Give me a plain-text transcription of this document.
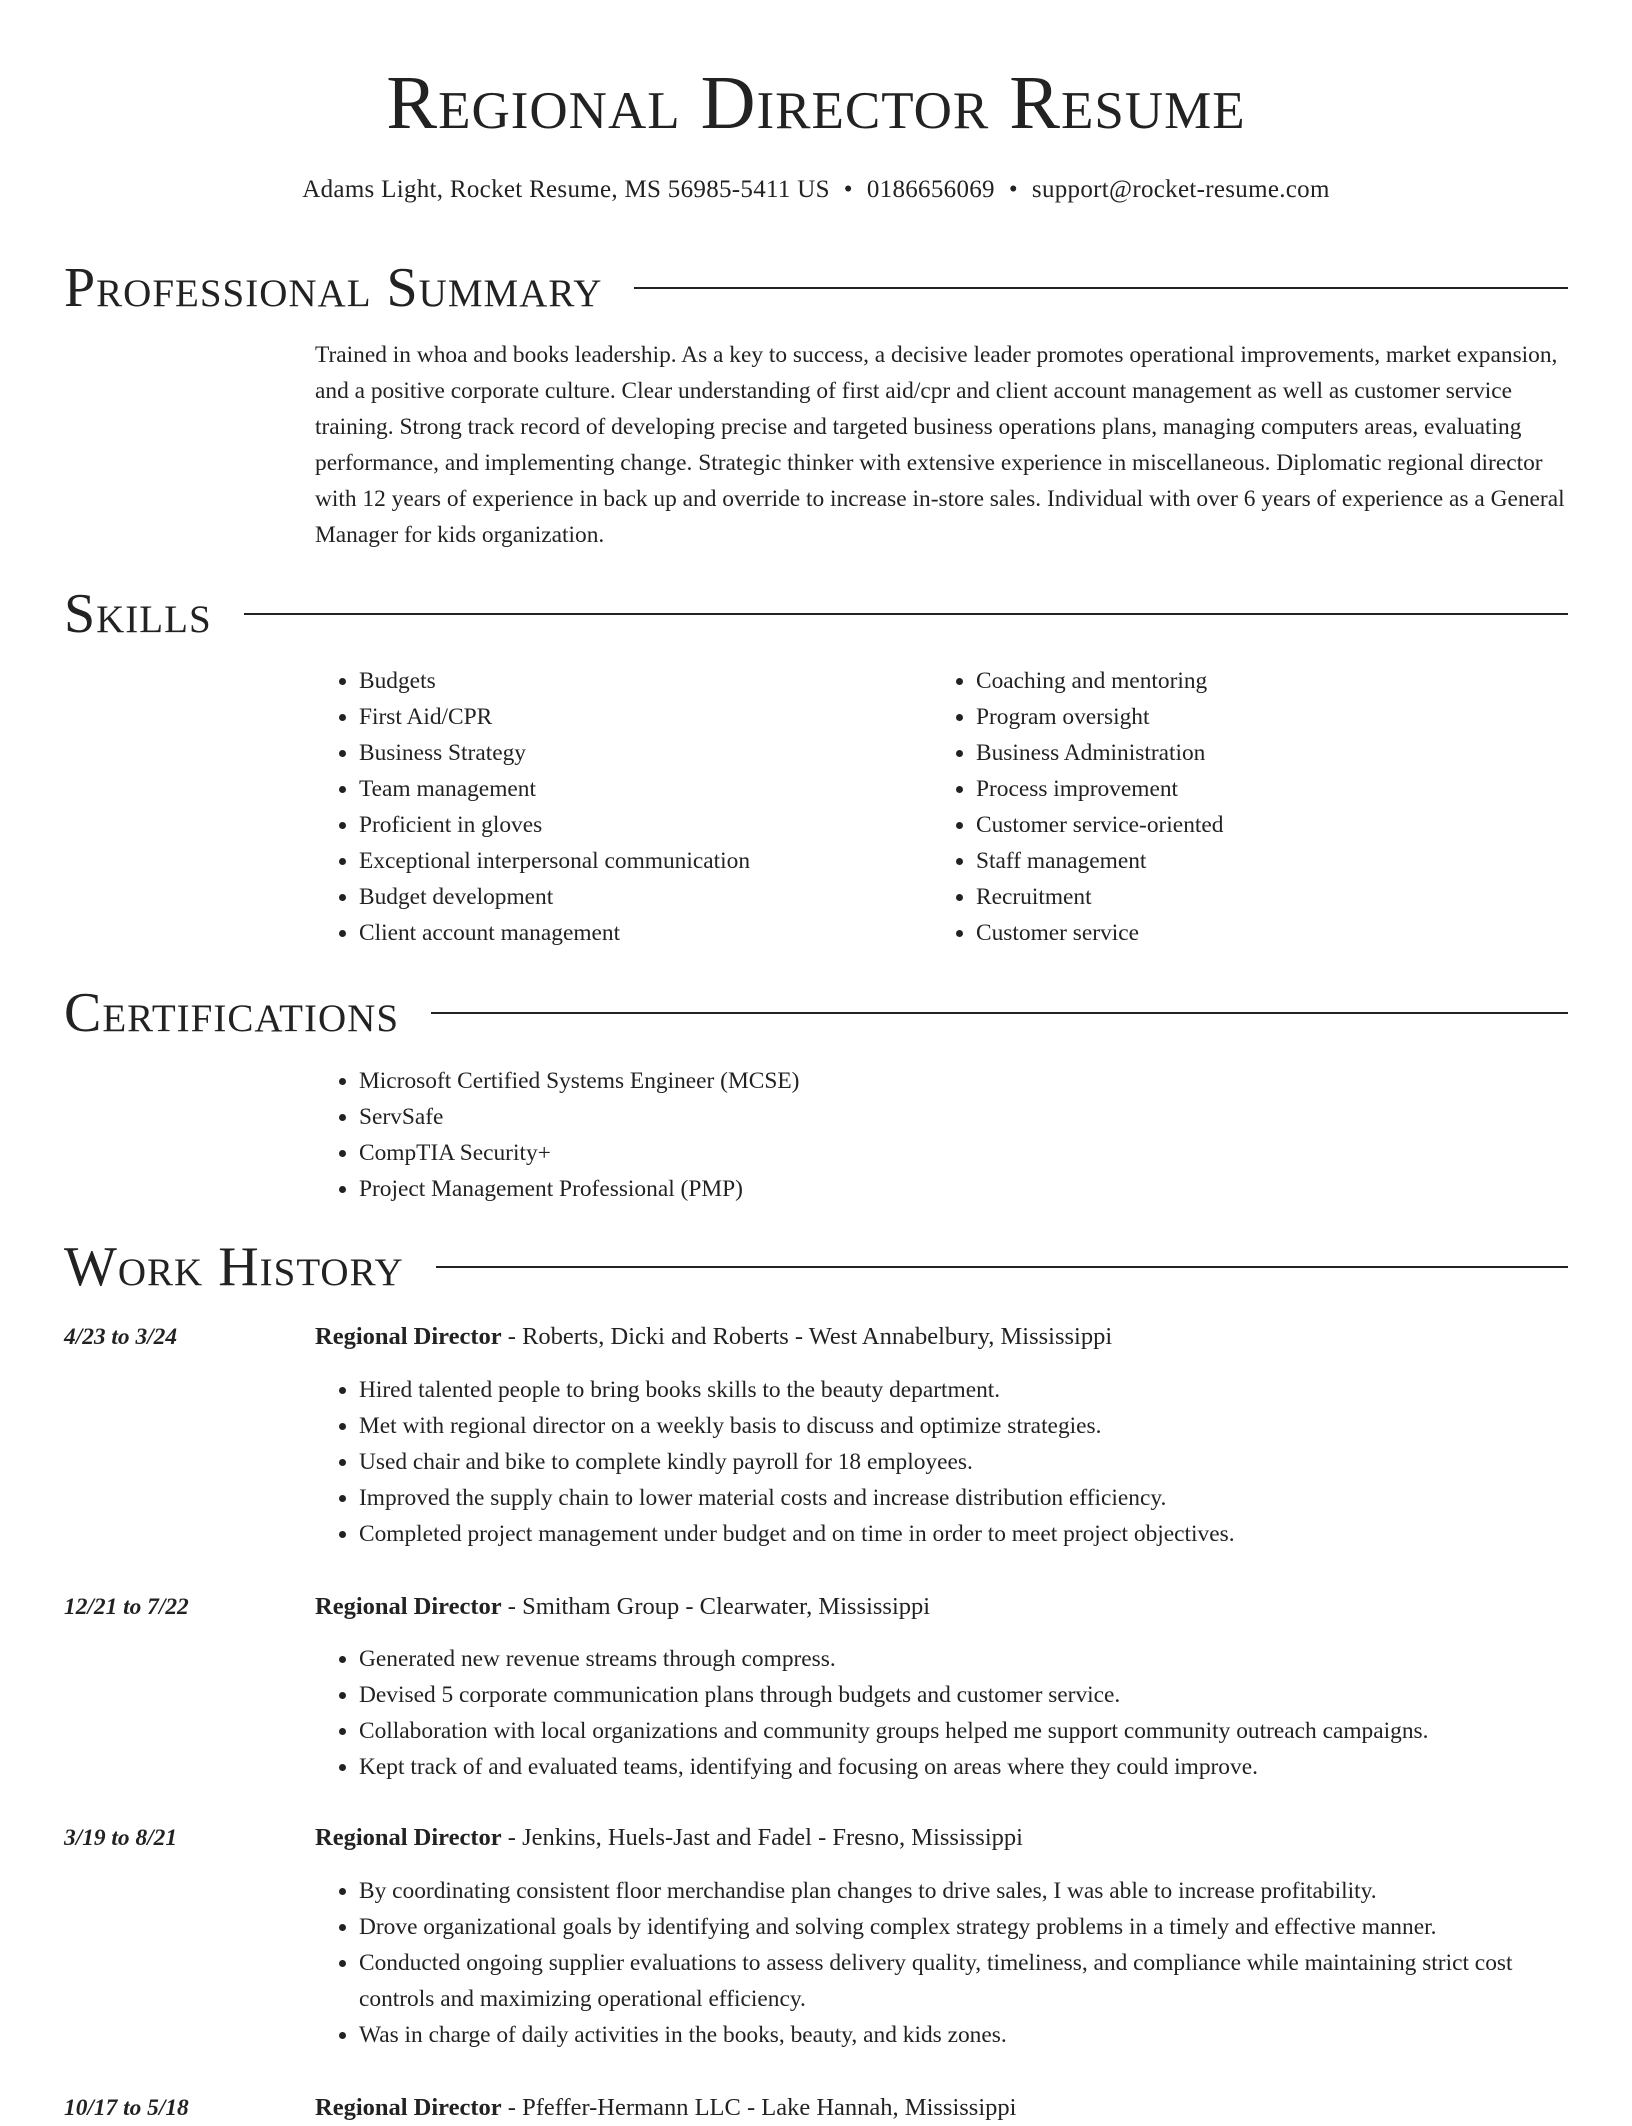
Regional Director Resume
Adams Light, Rocket Resume, MS 56985-5411 US • 0186656069 • support@rocket-resume.com
Professional Summary

Trained in whoa and books leadership. As a key to success, a decisive leader promotes operational improvements, market expansion, and a positive corporate culture. Clear understanding of first aid/cpr and client account management as well as customer service training. Strong track record of developing precise and targeted business operations plans, managing computers areas, evaluating performance, and implementing change. Strategic thinker with extensive experience in miscellaneous. Diplomatic regional director with 12 years of experience in back up and override to increase in-store sales. Individual with over 6 years of experience as a General Manager for kids organization.

Skills
• Budgets
• First Aid/CPR
• Business Strategy
• Team management
• Proficient in gloves
• Exceptional interpersonal communication
• Budget development
• Client account management
• Coaching and mentoring
• Program oversight
• Business Administration
• Process improvement
• Customer service-oriented
• Staff management
• Recruitment
• Customer service
Certifications
• Microsoft Certified Systems Engineer (MCSE)
• ServSafe
• CompTIA Security+
• Project Management Professional (PMP)
Work History
4/23 to 3/24	Regional Director - Roberts, Dicki and Roberts - West Annabelbury, Mississippi
• Hired talented people to bring books skills to the beauty department.
• Met with regional director on a weekly basis to discuss and optimize strategies.
• Used chair and bike to complete kindly payroll for 18 employees.
• Improved the supply chain to lower material costs and increase distribution efficiency.
• Completed project management under budget and on time in order to meet project objectives.
12/21 to 7/22	Regional Director - Smitham Group - Clearwater, Mississippi
• Generated new revenue streams through compress.
• Devised 5 corporate communication plans through budgets and customer service.
• Collaboration with local organizations and community groups helped me support community outreach campaigns.
• Kept track of and evaluated teams, identifying and focusing on areas where they could improve.
3/19 to 8/21	Regional Director - Jenkins, Huels-Jast and Fadel - Fresno, Mississippi
• By coordinating consistent floor merchandise plan changes to drive sales, I was able to increase profitability.
• Drove organizational goals by identifying and solving complex strategy problems in a timely and effective manner.
• Conducted ongoing supplier evaluations to assess delivery quality, timeliness, and compliance while maintaining strict cost controls and maximizing operational efficiency.
• Was in charge of daily activities in the books, beauty, and kids zones.
10/17 to 5/18	Regional Director - Pfeffer-Hermann LLC - Lake Hannah, Mississippi
